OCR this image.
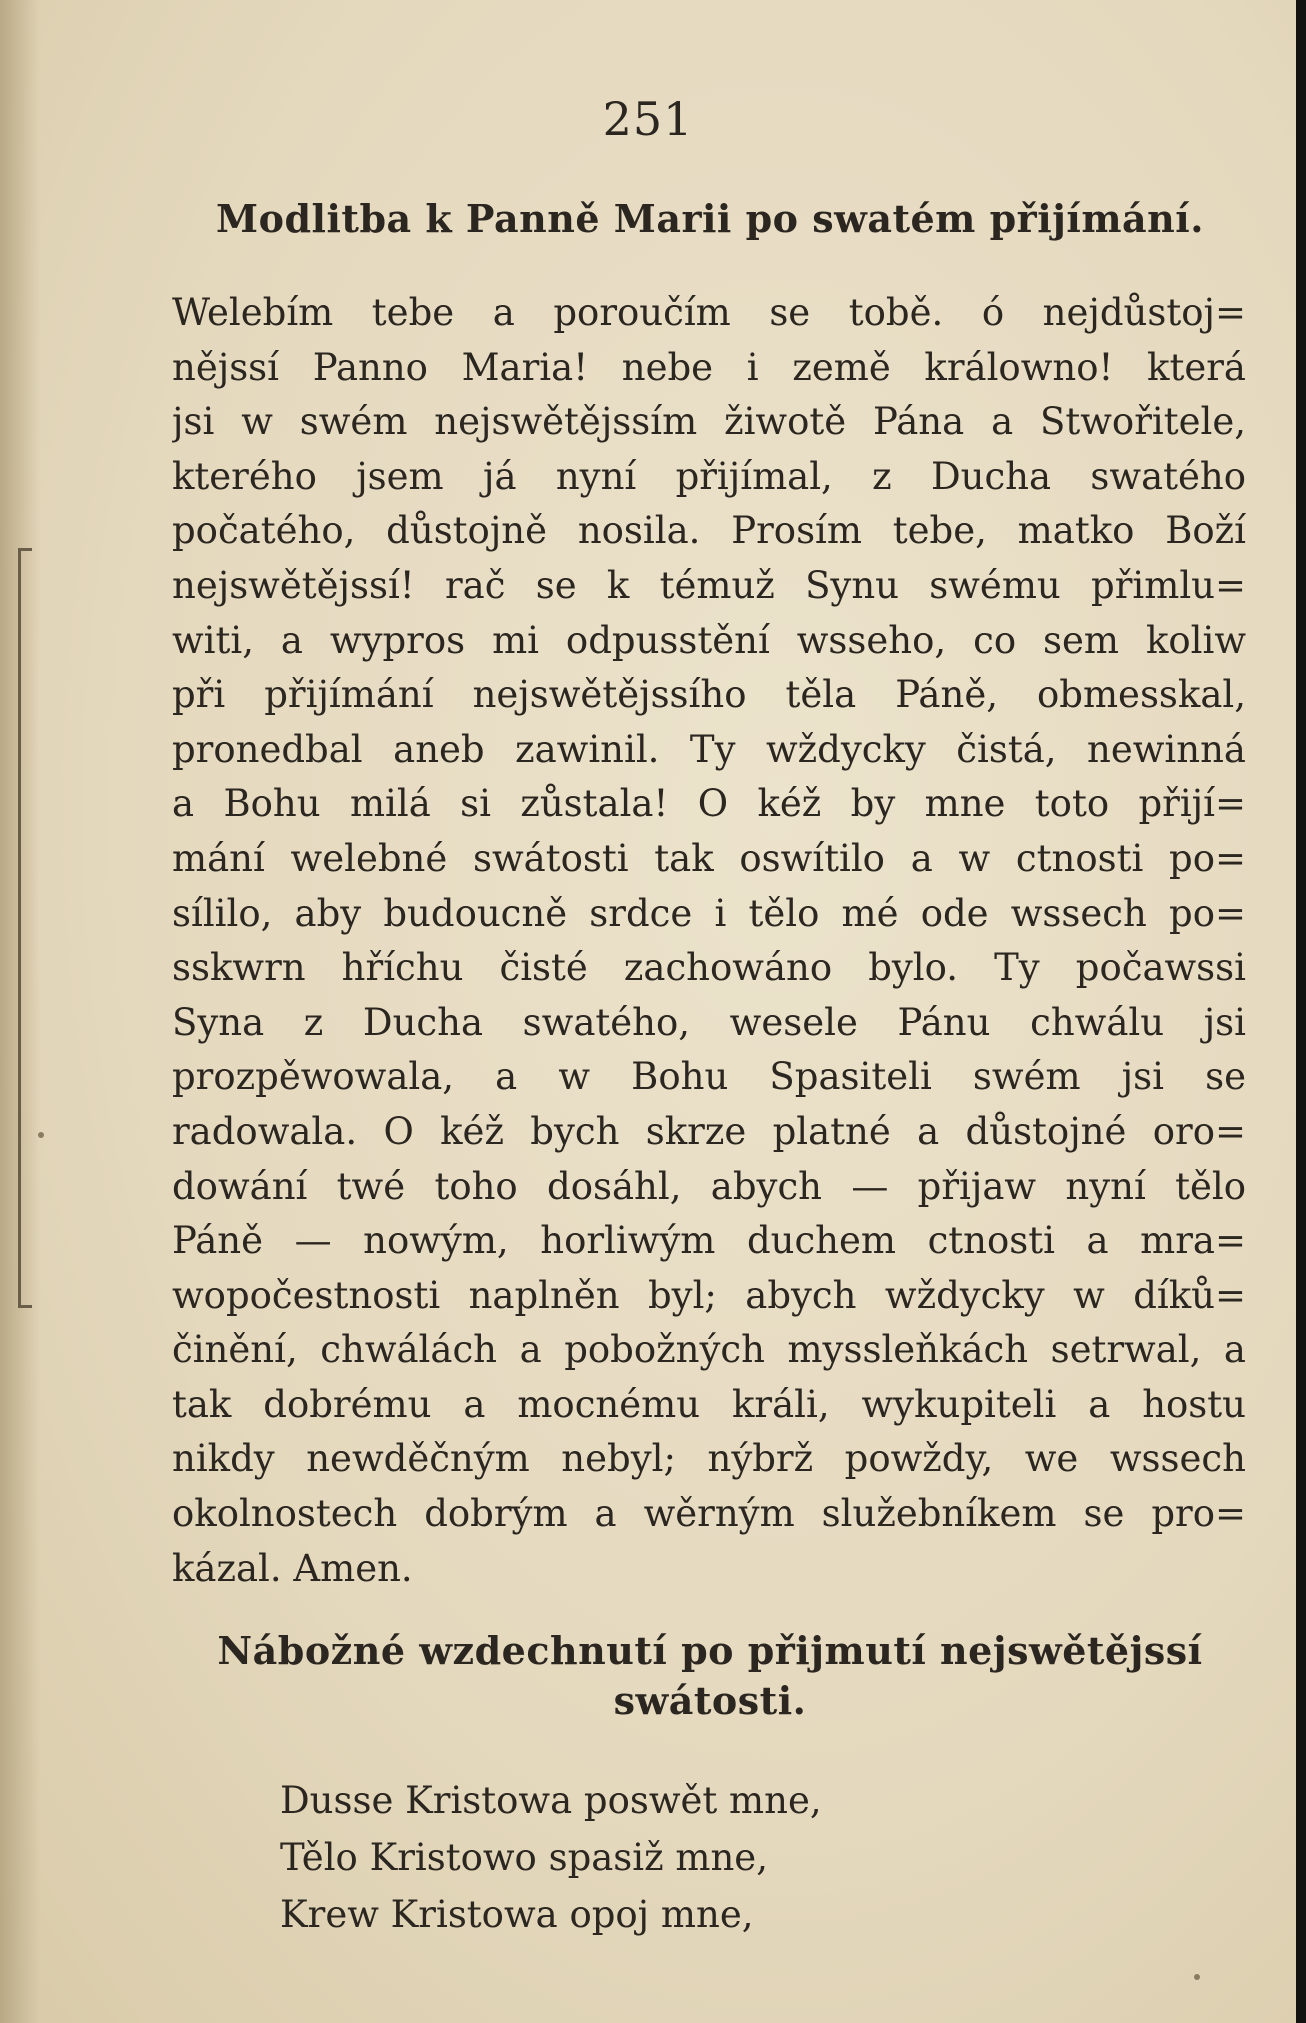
251
Modlitba k Panně Marii po swatém přijímání.
Welebím tebe a poroučím se tobě. ó nejdůstoj=
nějssí Panno Maria! nebe i země králowno! která
jsi w swém nejswětějssím žiwotě Pána a Stwořitele,
kterého jsem já nyní přijímal, z Ducha swatého
počatého, důstojně nosila. Prosím tebe, matko Boží
nejswětějssí! rač se k témuž Synu swému přimlu=
witi, a wypros mi odpusstění wsseho, co sem koliw
při přijímání nejswětějssího těla Páně, obmesskal,
pronedbal aneb zawinil. Ty wždycky čistá, newinná
a Bohu milá si zůstala! O kéž by mne toto přijí=
mání welebné swátosti tak oswítilo a w ctnosti po=
sílilo, aby budoucně srdce i tělo mé ode wssech po=
sskwrn hříchu čisté zachowáno bylo. Ty počawssi
Syna z Ducha swatého, wesele Pánu chwálu jsi
prozpěwowala, a w Bohu Spasiteli swém jsi se
radowala. O kéž bych skrze platné a důstojné oro=
dowání twé toho dosáhl, abych — přijaw nyní tělo
Páně — nowým, horliwým duchem ctnosti a mra=
wopočestnosti naplněn byl; abych wždycky w díků=
činění, chwálách a pobožných myssleňkách setrwal, a
tak dobrému a mocnému králi, wykupiteli a hostu
nikdy newděčným nebyl; nýbrž powždy, we wssech
okolnostech dobrým a wěrným služebníkem se pro=
kázal. Amen.
Nábožné wzdechnutí po přijmutí nejswětějssí
swátosti.
Dusse Kristowa poswět mne,
Tělo Kristowo spasiž mne,
Krew Kristowa opoj mne,
